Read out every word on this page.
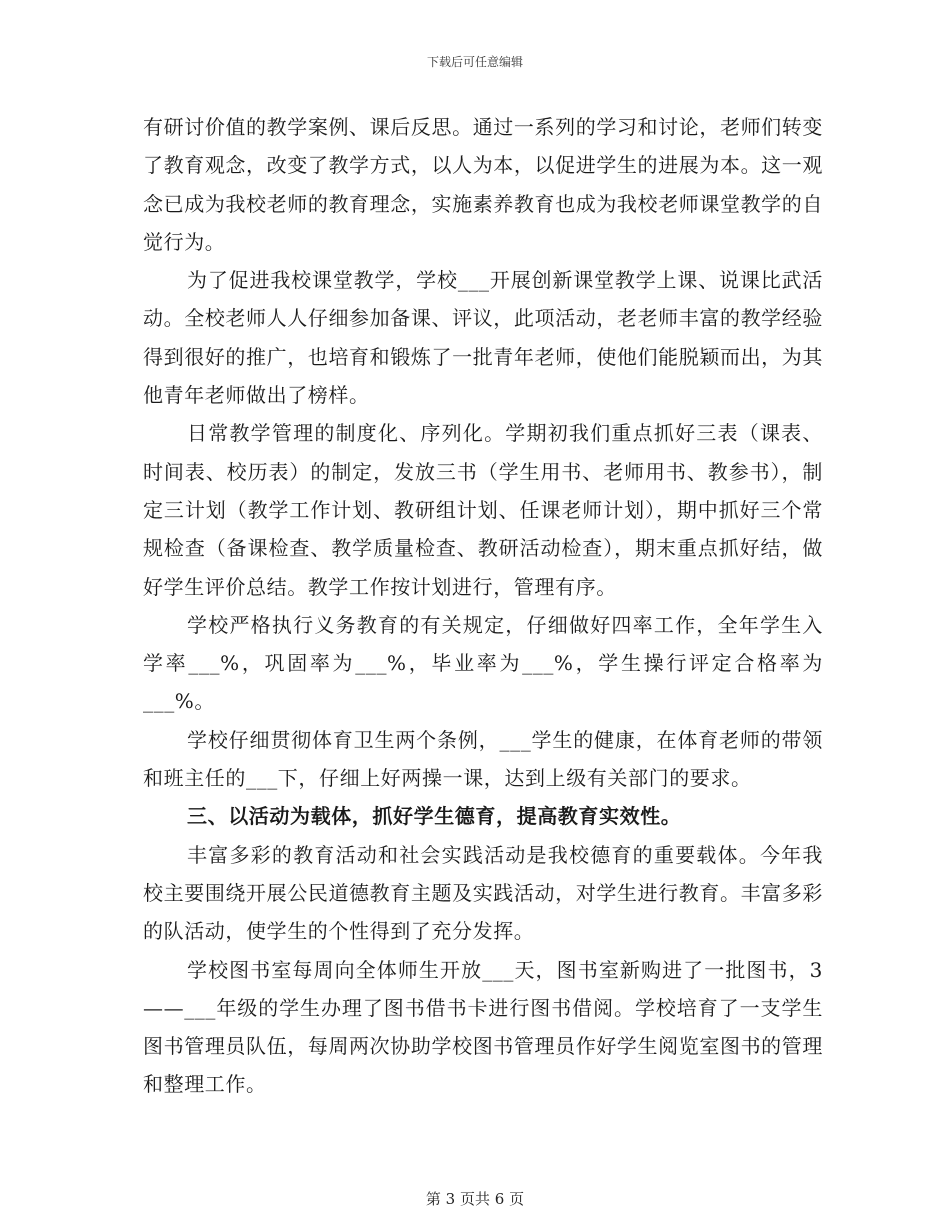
下载后可任意编辑

有研讨价值的教学案例、课后反思。通过一系列的学习和讨论，老师们转变了教育观念，改变了教学方式，以人为本，以促进学生的进展为本。这一观念已成为我校老师的教育理念，实施素养教育也成为我校老师课堂教学的自觉行为。

为了促进我校课堂教学，学校___开展创新课堂教学上课、说课比武活动。全校老师人人仔细参加备课、评议，此项活动，老老师丰富的教学经验得到很好的推广，也培育和锻炼了一批青年老师，使他们能脱颖而出，为其他青年老师做出了榜样。

日常教学管理的制度化、序列化。学期初我们重点抓好三表（课表、时间表、校历表）的制定，发放三书（学生用书、老师用书、教参书），制定三计划（教学工作计划、教研组计划、任课老师计划），期中抓好三个常规检查（备课检查、教学质量检查、教研活动检查），期末重点抓好结，做好学生评价总结。教学工作按计划进行，管理有序。

学校严格执行义务教育的有关规定，仔细做好四率工作，全年学生入学率___%，巩固率为___%，毕业率为___%，学生操行评定合格率为___%。

学校仔细贯彻体育卫生两个条例，___学生的健康，在体育老师的带领和班主任的___下，仔细上好两操一课，达到上级有关部门的要求。

三、以活动为载体，抓好学生德育，提高教育实效性。

丰富多彩的教育活动和社会实践活动是我校德育的重要载体。今年我校主要围绕开展公民道德教育主题及实践活动，对学生进行教育。丰富多彩的队活动，使学生的个性得到了充分发挥。

学校图书室每周向全体师生开放___天，图书室新购进了一批图书，3——___年级的学生办理了图书借书卡进行图书借阅。学校培育了一支学生图书管理员队伍，每周两次协助学校图书管理员作好学生阅览室图书的管理和整理工作。

第 3 页共 6 页
